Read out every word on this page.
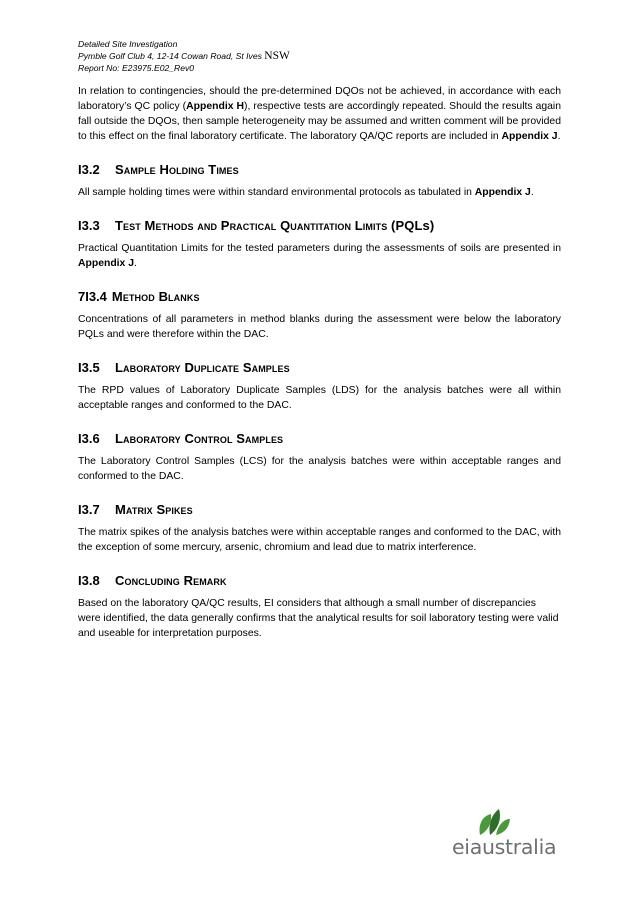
Detailed Site Investigation
Pymble Golf Club 4, 12-14 Cowan Road, St Ives NSW
Report No: E23975.E02_Rev0

In relation to contingencies, should the pre-determined DQOs not be achieved, in accordance with each laboratory’s QC policy (Appendix H), respective tests are accordingly repeated. Should the results again fall outside the DQOs, then sample heterogeneity may be assumed and written comment will be provided to this effect on the final laboratory certificate. The laboratory QA/QC reports are included in Appendix J.

I3.2	Sample Holding Times

All sample holding times were within standard environmental protocols as tabulated in Appendix J.

I3.3	Test Methods and Practical Quantitation Limits (PQLs)

Practical Quantitation Limits for the tested parameters during the assessments of soils are presented in Appendix J.

7I3.4 Method Blanks

Concentrations of all parameters in method blanks during the assessment were below the laboratory PQLs and were therefore within the DAC.

I3.5	Laboratory Duplicate Samples

The RPD values of Laboratory Duplicate Samples (LDS) for the analysis batches were all within acceptable ranges and conformed to the DAC.

I3.6	Laboratory Control Samples

The Laboratory Control Samples (LCS) for the analysis batches were within acceptable ranges and conformed to the DAC.

I3.7	Matrix Spikes

The matrix spikes of the analysis batches were within acceptable ranges and conformed to the DAC, with the exception of some mercury, arsenic, chromium and lead due to matrix interference.

I3.8	Concluding Remark

Based on the laboratory QA/QC results, EI considers that although a small number of discrepancies were identified, the data generally confirms that the analytical results for soil laboratory testing were valid and useable for interpretation purposes.

eiaustralia
